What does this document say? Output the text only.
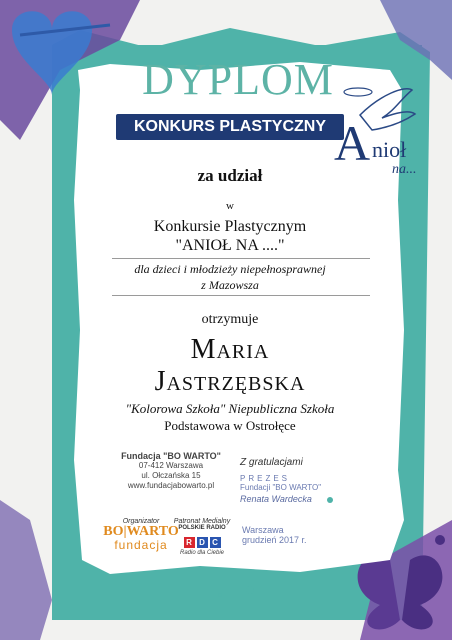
DYPLOM
KONKURS PLASTYCZNY A nioł
na...
za udział
w
Konkursie Plastycznym
"ANIOŁ NA ...."
dla dzieci i młodzieży niepełnosprawnej
z Mazowsza
otrzymuje
Maria
Jastrzębska
"Kolorowa Szkoła" Niepubliczna Szkoła
Podstawowa w Ostrołęce
Fundacja "BO WARTO"
07-412 Warszawa
ul. Ołczańska 15
www.fundacjabowarto.pl
Z gratulacjami
PREZES
Fundacji "BO WARTO"
Renata Wardecka
Warszawa
grudzień 2017 r.
Organizator
BO|WARTO
fundacja
Patronat Medialny
POLSKIE RADIO
R D C
Radio dla Ciebie
